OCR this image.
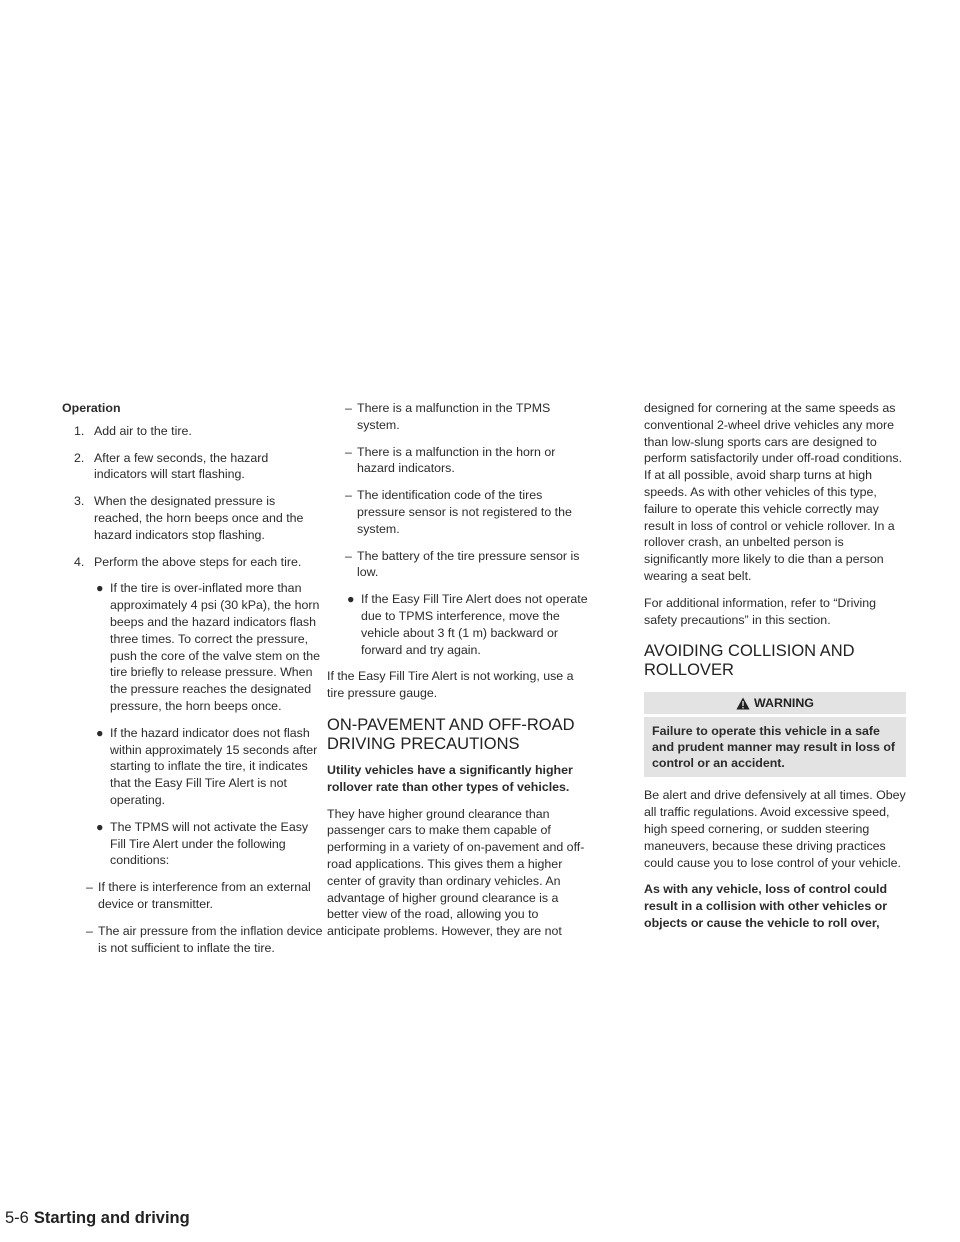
Operation
1. Add air to the tire.
2. After a few seconds, the hazard indicators will start flashing.
3. When the designated pressure is reached, the horn beeps once and the hazard indicators stop flashing.
4. Perform the above steps for each tire.
● If the tire is over-inflated more than approximately 4 psi (30 kPa), the horn beeps and the hazard indicators flash three times. To correct the pressure, push the core of the valve stem on the tire briefly to release pressure. When the pressure reaches the designated pressure, the horn beeps once.
● If the hazard indicator does not flash within approximately 15 seconds after starting to inflate the tire, it indicates that the Easy Fill Tire Alert is not operating.
● The TPMS will not activate the Easy Fill Tire Alert under the following conditions:
– If there is interference from an external device or transmitter.
– The air pressure from the inflation device is not sufficient to inflate the tire.
– There is a malfunction in the TPMS system.
– There is a malfunction in the horn or hazard indicators.
– The identification code of the tires pressure sensor is not registered to the system.
– The battery of the tire pressure sensor is low.
● If the Easy Fill Tire Alert does not operate due to TPMS interference, move the vehicle about 3 ft (1 m) backward or forward and try again.

If the Easy Fill Tire Alert is not working, use a tire pressure gauge.

ON-PAVEMENT AND OFF-ROAD DRIVING PRECAUTIONS

Utility vehicles have a significantly higher rollover rate than other types of vehicles.

They have higher ground clearance than passenger cars to make them capable of performing in a variety of on-pavement and off-road applications. This gives them a higher center of gravity than ordinary vehicles. An advantage of higher ground clearance is a better view of the road, allowing you to anticipate problems. However, they are not

designed for cornering at the same speeds as conventional 2-wheel drive vehicles any more than low-slung sports cars are designed to perform satisfactorily under off-road conditions. If at all possible, avoid sharp turns at high speeds. As with other vehicles of this type, failure to operate this vehicle correctly may result in loss of control or vehicle rollover. In a rollover crash, an unbelted person is significantly more likely to die than a person wearing a seat belt.

For additional information, refer to “Driving safety precautions” in this section.

AVOIDING COLLISION AND ROLLOVER
WARNING
Failure to operate this vehicle in a safe and prudent manner may result in loss of control or an accident.

Be alert and drive defensively at all times. Obey all traffic regulations. Avoid excessive speed, high speed cornering, or sudden steering maneuvers, because these driving practices could cause you to lose control of your vehicle.

As with any vehicle, loss of control could result in a collision with other vehicles or objects or cause the vehicle to roll over,

5-6 Starting and driving
